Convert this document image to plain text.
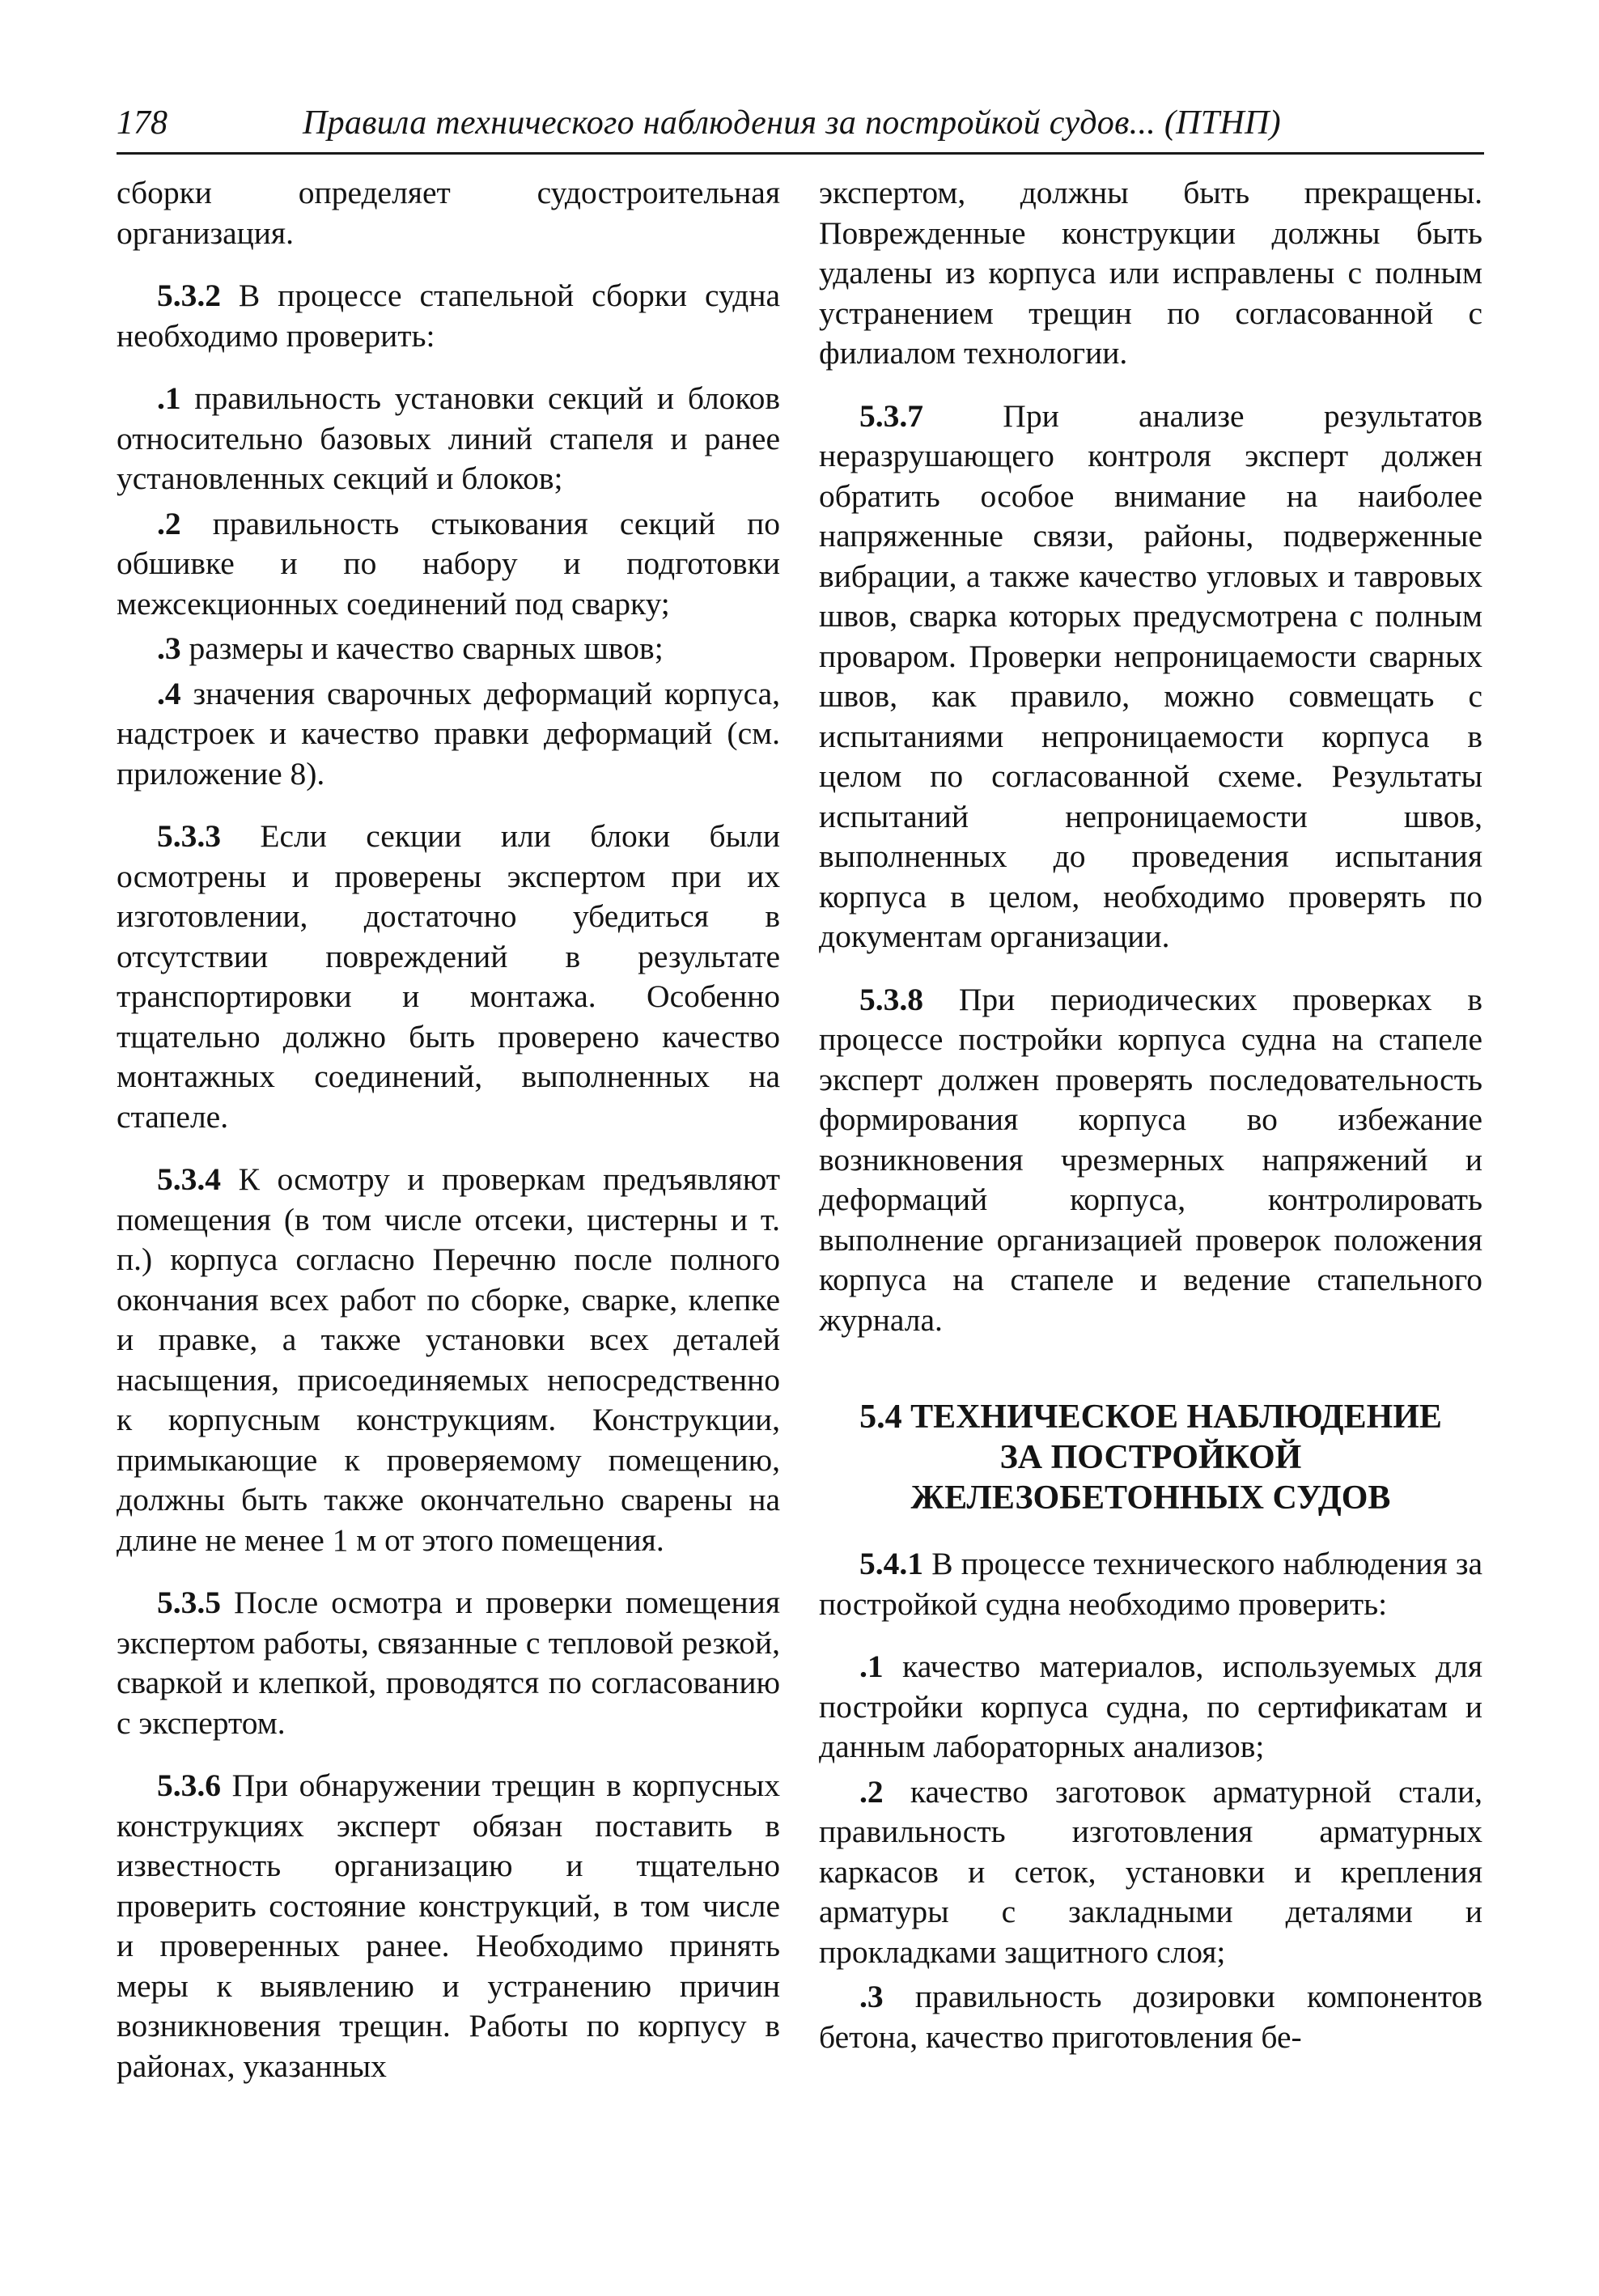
178	Правила технического наблюдения за постройкой судов... (ПТНП)

сборки определяет судостроительная организация.

5.3.2 В процессе стапельной сборки судна необходимо проверить:

.1 правильность установки секций и блоков относительно базовых линий стапеля и ранее установленных секций и блоков;

.2 правильность стыкования секций по обшивке и по набору и подготовки межсекционных соединений под сварку;

.3 размеры и качество сварных швов;

.4 значения сварочных деформаций корпуса, надстроек и качество правки деформаций (см. приложение 8).

5.3.3 Если секции или блоки были осмотрены и проверены экспертом при их изготовлении, достаточно убедиться в отсутствии повреждений в результате транспортировки и монтажа. Особенно тщательно должно быть проверено качество монтажных соединений, выполненных на стапеле.

5.3.4 К осмотру и проверкам предъявляют помещения (в том числе отсеки, цистерны и т. п.) корпуса согласно Перечню после полного окончания всех работ по сборке, сварке, клепке и правке, а также установки всех деталей насыщения, присоединяемых непосредственно к корпусным конструкциям. Конструкции, примыкающие к проверяемому помещению, должны быть также окончательно сварены на длине не менее 1 м от этого помещения.

5.3.5 После осмотра и проверки помещения экспертом работы, связанные с тепловой резкой, сваркой и клепкой, проводятся по согласованию с экспертом.

5.3.6 При обнаружении трещин в корпусных конструкциях эксперт обязан поставить в известность организацию и тщательно проверить состояние конструкций, в том числе и проверенных ранее. Необходимо принять меры к выявлению и устранению причин возникновения трещин. Работы по корпусу в районах, указанных

экспертом, должны быть прекращены. Поврежденные конструкции должны быть удалены из корпуса или исправлены с полным устранением трещин по согласованной с филиалом технологии.

5.3.7 При анализе результатов неразрушающего контроля эксперт должен обратить особое внимание на наиболее напряженные связи, районы, подверженные вибрации, а также качество угловых и тавровых швов, сварка которых предусмотрена с полным проваром. Проверки непроницаемости сварных швов, как правило, можно совмещать с испытаниями непроницаемости корпуса в целом по согласованной схеме. Результаты испытаний непроницаемости швов, выполненных до проведения испытания корпуса в целом, необходимо проверять по документам организации.

5.3.8 При периодических проверках в процессе постройки корпуса судна на стапеле эксперт должен проверять последовательность формирования корпуса во избежание возникновения чрезмерных напряжений и деформаций корпуса, контролировать выполнение организацией проверок положения корпуса на стапеле и ведение стапельного журнала.

5.4 ТЕХНИЧЕСКОЕ НАБЛЮДЕНИЕ
ЗА ПОСТРОЙКОЙ
ЖЕЛЕЗОБЕТОННЫХ СУДОВ

5.4.1 В процессе технического наблюдения за постройкой судна необходимо проверить:

.1 качество материалов, используемых для постройки корпуса судна, по сертификатам и данным лабораторных анализов;

.2 качество заготовок арматурной стали, правильность изготовления арматурных каркасов и сеток, установки и крепления арматуры с закладными деталями и прокладками защитного слоя;

.3 правильность дозировки компонентов бетона, качество приготовления бе-
